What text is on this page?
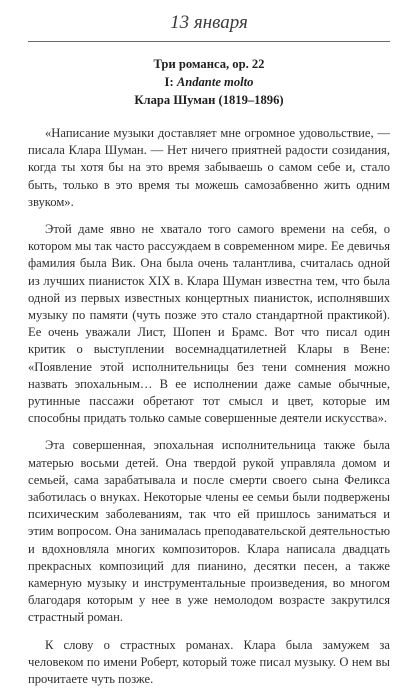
13 января
Три романса, ор. 22
I: Andante molto
Клара Шуман (1819–1896)

«Написание музыки доставляет мне огромное удовольствие, — писала Клара Шуман. — Нет ничего приятней радости созидания, когда ты хотя бы на это время забываешь о самом себе и, стало быть, только в это время ты можешь самозабвенно жить одним звуком».

Этой даме явно не хватало того самого времени на себя, о котором мы так часто рассуждаем в современном мире. Ее девичья фамилия была Вик. Она была очень талантлива, считалась одной из лучших пианисток XIX в. Клара Шуман известна тем, что была одной из первых известных концертных пианисток, исполнявших музыку по памяти (чуть позже это стало стандартной практикой). Ее очень уважали Лист, Шопен и Брамс. Вот что писал один критик о выступлении восемнадцатилетней Клары в Вене: «Появление этой исполнительницы без тени сомнения можно назвать эпохальным… В ее исполнении даже самые обычные, рутинные пассажи обретают тот смысл и цвет, которые им способны придать только самые совершенные деятели искусства».

Эта совершенная, эпохальная исполнительница также была матерью восьми детей. Она твердой рукой управляла домом и семьей, сама зарабатывала и после смерти своего сына Феликса заботилась о внуках. Некоторые члены ее семьи были подвержены психическим заболеваниям, так что ей пришлось заниматься и этим вопросом. Она занималась преподавательской деятельностью и вдохновляла многих композиторов. Клара написала двадцать прекрасных композиций для пианино, десятки песен, а также камерную музыку и инструментальные произведения, во многом благодаря которым у нее в уже немолодом возрасте закрутился страстный роман.

К слову о страстных романах. Клара была замужем за человеком по имени Роберт, который тоже писал музыку. О нем вы прочитаете чуть позже.
